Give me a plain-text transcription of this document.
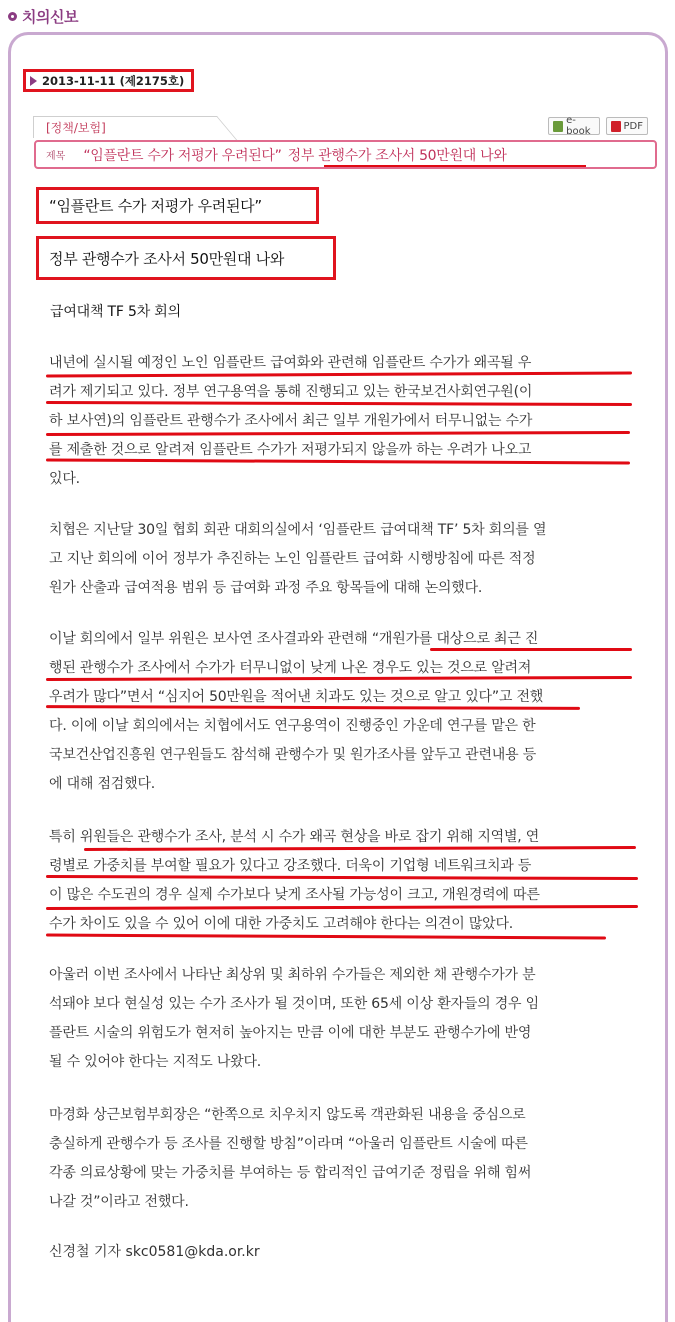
치의신보
2013-11-11 (제2175호)
[정책/보험]
e-book	PDF
제목 “임플란트 수가 저평가 우려된다” 정부 관행수가 조사서 50만원대 나와
“임플란트 수가 저평가 우려된다”
정부 관행수가 조사서 50만원대 나와
급여대책 TF 5차 회의
내년에 실시될 예정인 노인 임플란트 급여화와 관련해 임플란트 수가가 왜곡될 우
려가 제기되고 있다. 정부 연구용역을 통해 진행되고 있는 한국보건사회연구원(이
하 보사연)의 임플란트 관행수가 조사에서 최근 일부 개원가에서 터무니없는 수가
를 제출한 것으로 알려져 임플란트 수가가 저평가되지 않을까 하는 우려가 나오고
있다.
치협은 지난달 30일 협회 회관 대회의실에서 ‘임플란트 급여대책 TF’ 5차 회의를 열
고 지난 회의에 이어 정부가 추진하는 노인 임플란트 급여화 시행방침에 따른 적정
원가 산출과 급여적용 범위 등 급여화 과정 주요 항목들에 대해 논의했다.
이날 회의에서 일부 위원은 보사연 조사결과와 관련해 “개원가를 대상으로 최근 진
행된 관행수가 조사에서 수가가 터무니없이 낮게 나온 경우도 있는 것으로 알려져
우려가 많다”면서 “심지어 50만원을 적어낸 치과도 있는 것으로 알고 있다”고 전했
다. 이에 이날 회의에서는 치협에서도 연구용역이 진행중인 가운데 연구를 맡은 한
국보건산업진흥원 연구원들도 참석해 관행수가 및 원가조사를 앞두고 관련내용 등
에 대해 점검했다.
특히 위원들은 관행수가 조사, 분석 시 수가 왜곡 현상을 바로 잡기 위해 지역별, 연
령별로 가중치를 부여할 필요가 있다고 강조했다. 더욱이 기업형 네트워크치과 등
이 많은 수도권의 경우 실제 수가보다 낮게 조사될 가능성이 크고, 개원경력에 따른
수가 차이도 있을 수 있어 이에 대한 가중치도 고려해야 한다는 의견이 많았다.
아울러 이번 조사에서 나타난 최상위 및 최하위 수가들은 제외한 채 관행수가가 분
석돼야 보다 현실성 있는 수가 조사가 될 것이며, 또한 65세 이상 환자들의 경우 임
플란트 시술의 위험도가 현저히 높아지는 만큼 이에 대한 부분도 관행수가에 반영
될 수 있어야 한다는 지적도 나왔다.
마경화 상근보험부회장은 “한쪽으로 치우치지 않도록 객관화된 내용을 중심으로
충실하게 관행수가 등 조사를 진행할 방침”이라며 “아울러 임플란트 시술에 따른
각종 의료상황에 맞는 가중치를 부여하는 등 합리적인 급여기준 정립을 위해 힘써
나갈 것”이라고 전했다.
신경철 기자 skc0581@kda.or.kr
